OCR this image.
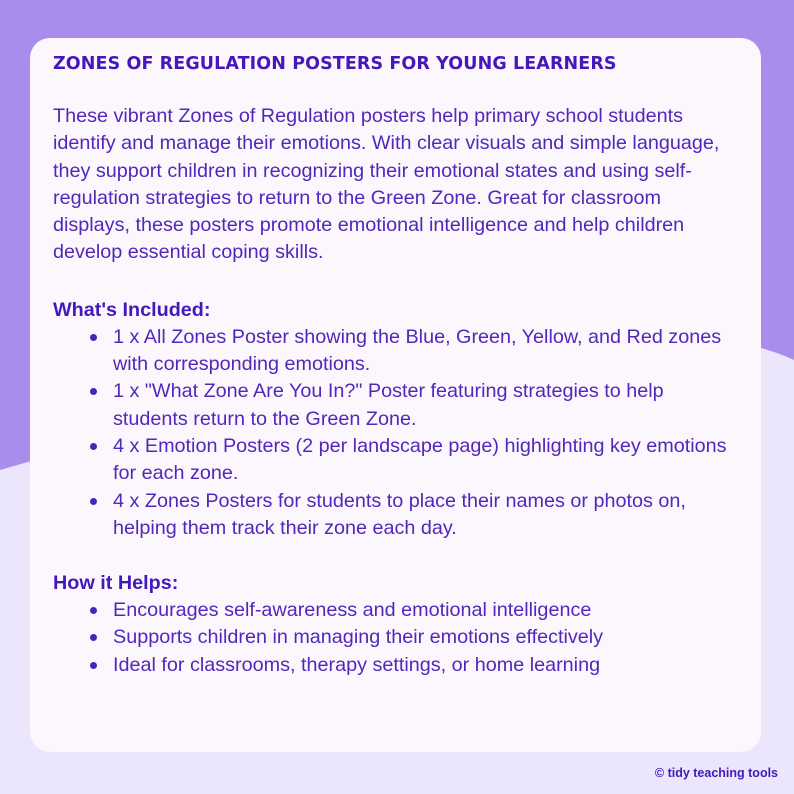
ZONES OF REGULATION POSTERS FOR YOUNG LEARNERS

These vibrant Zones of Regulation posters help primary school students identify and manage their emotions. With clear visuals and simple language, they support children in recognizing their emotional states and using self-regulation strategies to return to the Green Zone. Great for classroom displays, these posters promote emotional intelligence and help children develop essential coping skills.

What's Included:
1 x All Zones Poster showing the Blue, Green, Yellow, and Red zones with corresponding emotions.
1 x "What Zone Are You In?" Poster featuring strategies to help students return to the Green Zone.
4 x Emotion Posters (2 per landscape page) highlighting key emotions for each zone.
4 x Zones Posters for students to place their names or photos on, helping them track their zone each day.
How it Helps:
Encourages self-awareness and emotional intelligence
Supports children in managing their emotions effectively
Ideal for classrooms, therapy settings, or home learning
© tidy teaching tools
